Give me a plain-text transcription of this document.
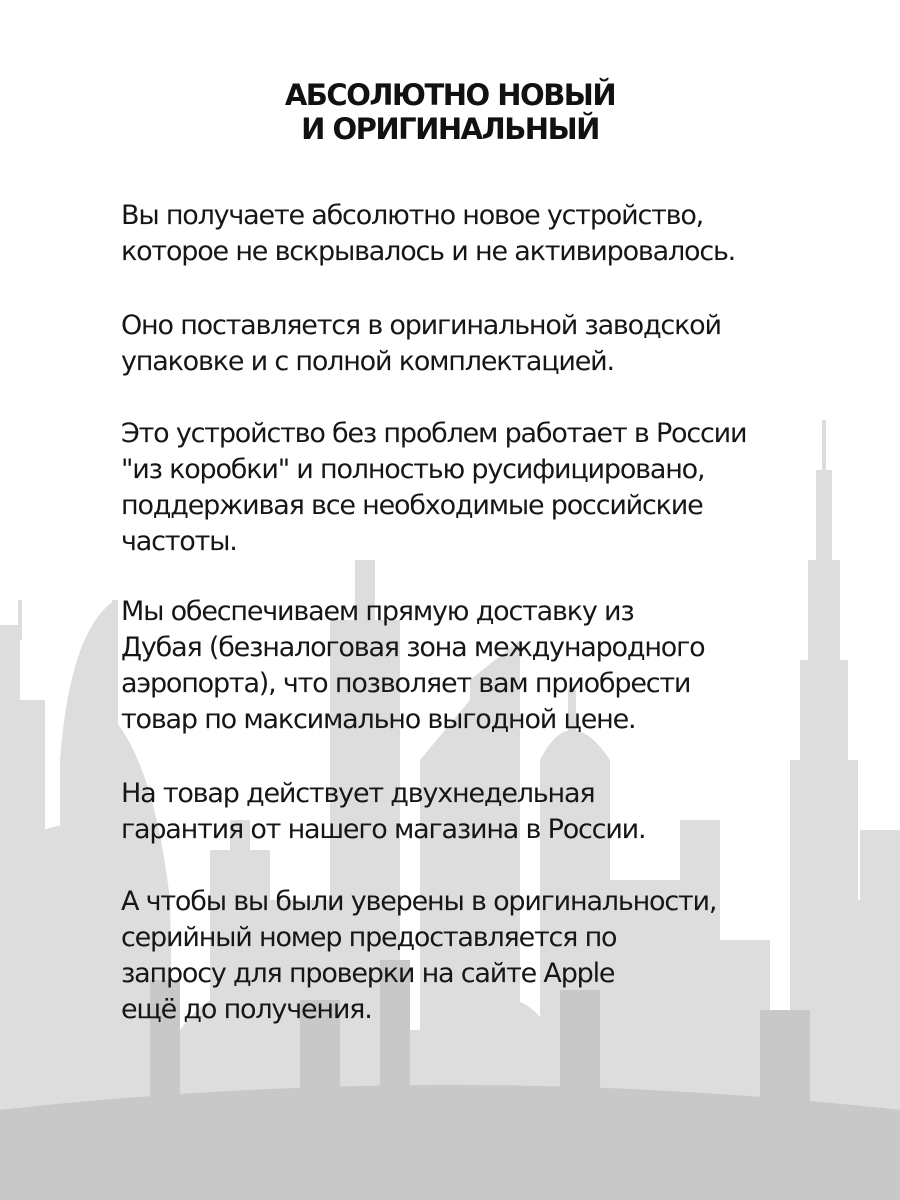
АБСОЛЮТНО НОВЫЙ
И ОРИГИНАЛЬНЫЙ
Вы получаете абсолютно новое устройство,
которое не вскрывалось и не активировалось.
Оно поставляется в оригинальной заводской
упаковке и с полной комплектацией.
Это устройство без проблем работает в России
"из коробки" и полностью русифицировано,
поддерживая все необходимые российские
частоты.
Мы обеспечиваем прямую доставку из
Дубая (безналоговая зона международного
аэропорта), что позволяет вам приобрести
товар по максимально выгодной цене.
На товар действует двухнедельная
гарантия от нашего магазина в России.
А чтобы вы были уверены в оригинальности,
серийный номер предоставляется по
запросу для проверки на сайте Apple
ещё до получения.
